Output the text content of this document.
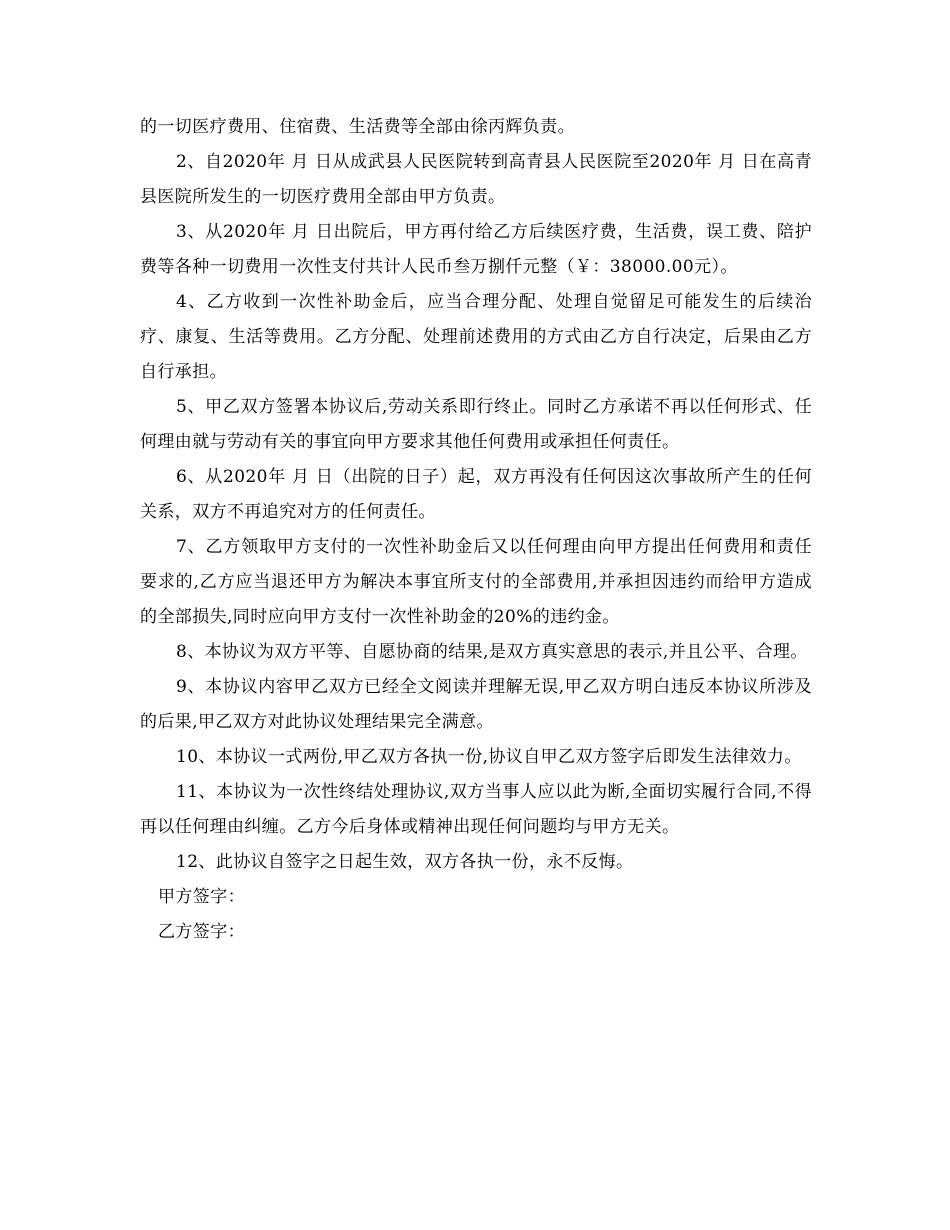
的一切医疗费用、住宿费、生活费等全部由徐丙辉负责。

2、自2020年 月 日从成武县人民医院转到高青县人民医院至2020年 月 日在高青县医院所发生的一切医疗费用全部由甲方负责。

3、从2020年 月 日出院后，甲方再付给乙方后续医疗费，生活费，误工费、陪护费等各种一切费用一次性支付共计人民币叁万捌仟元整（￥：38000.00元）。

4、乙方收到一次性补助金后，应当合理分配、处理自觉留足可能发生的后续治疗、康复、生活等费用。乙方分配、处理前述费用的方式由乙方自行决定，后果由乙方自行承担。

5、甲乙双方签署本协议后,劳动关系即行终止。同时乙方承诺不再以任何形式、任何理由就与劳动有关的事宜向甲方要求其他任何费用或承担任何责任。

6、从2020年 月 日（出院的日子）起，双方再没有任何因这次事故所产生的任何关系，双方不再追究对方的任何责任。

7、乙方领取甲方支付的一次性补助金后又以任何理由向甲方提出任何费用和责任要求的,乙方应当退还甲方为解决本事宜所支付的全部费用,并承担因违约而给甲方造成的全部损失,同时应向甲方支付一次性补助金的20%的违约金。

8、本协议为双方平等、自愿协商的结果,是双方真实意思的表示,并且公平、合理。

9、本协议内容甲乙双方已经全文阅读并理解无误,甲乙双方明白违反本协议所涉及的后果,甲乙双方对此协议处理结果完全满意。

10、本协议一式两份,甲乙双方各执一份,协议自甲乙双方签字后即发生法律效力。

11、本协议为一次性终结处理协议,双方当事人应以此为断,全面切实履行合同,不得再以任何理由纠缠。乙方今后身体或精神出现任何问题均与甲方无关。

12、此协议自签字之日起生效，双方各执一份，永不反悔。

甲方签字：

乙方签字：
